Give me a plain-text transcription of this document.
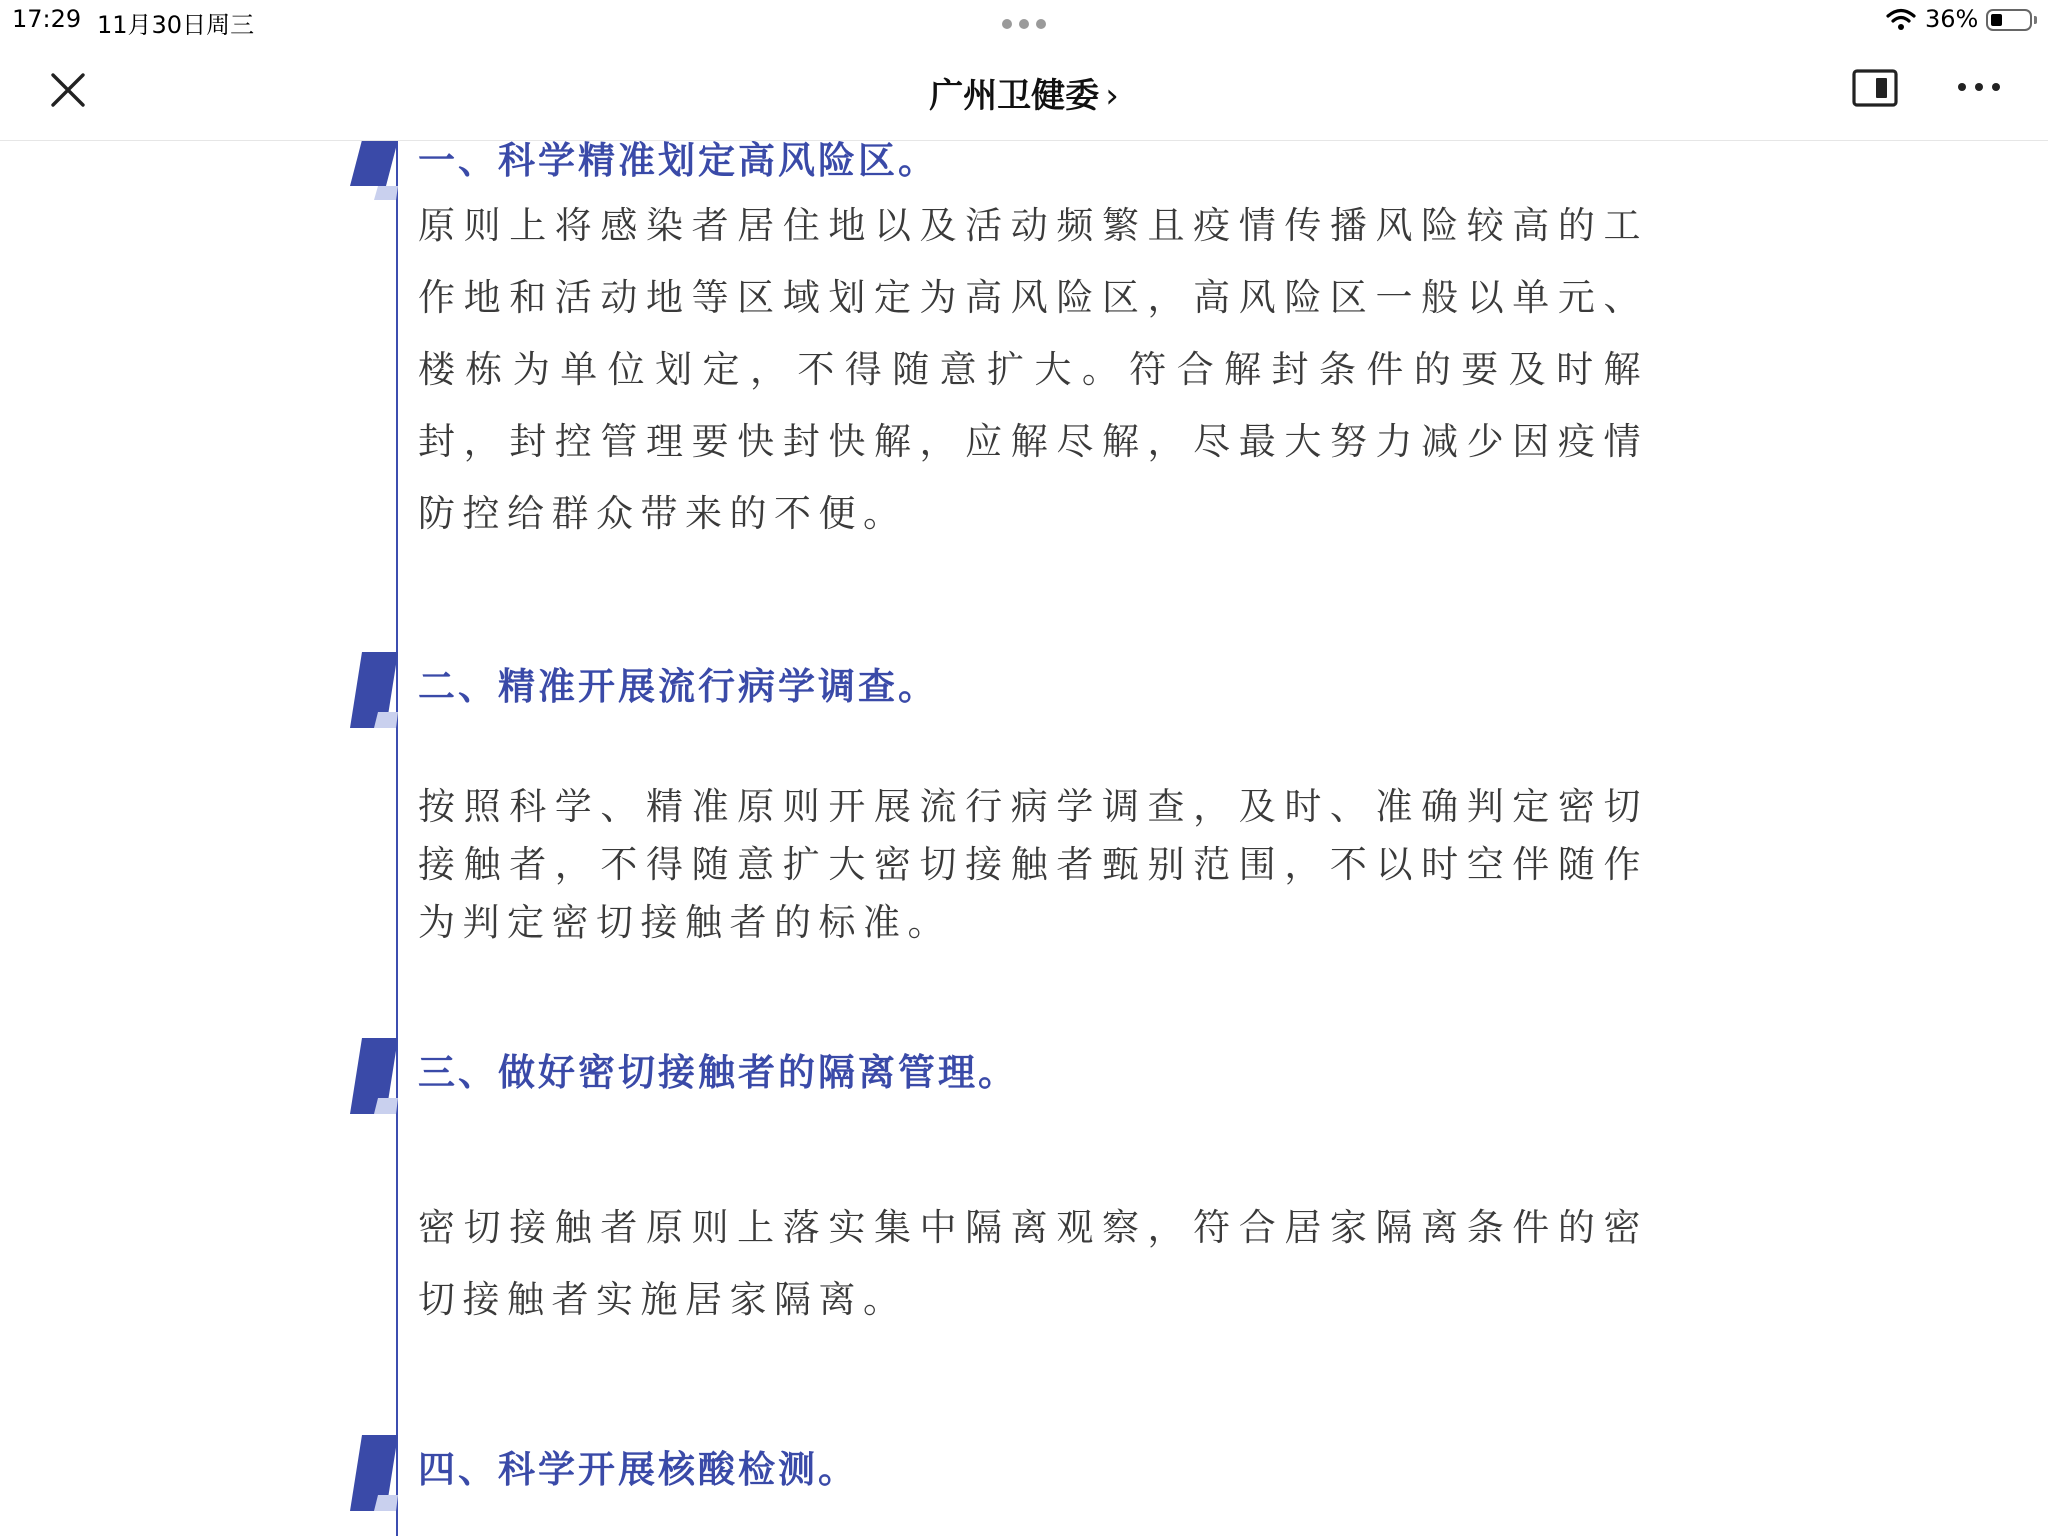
17:29 11月30日周三	36%
广州卫健委 ›
一、科学精准划定高风险区。

原则上将感染者居住地以及活动频繁且疫情传播风险较高的工作地和活动地等区域划定为高风险区，高风险区一般以单元、楼栋为单位划定，不得随意扩大。符合解封条件的要及时解封，封控管理要快封快解，应解尽解，尽最大努力减少因疫情防控给群众带来的不便。

二、精准开展流行病学调查。

按照科学、精准原则开展流行病学调查，及时、准确判定密切接触者，不得随意扩大密切接触者甄别范围，不以时空伴随作为判定密切接触者的标准。

三、做好密切接触者的隔离管理。

密切接触者原则上落实集中隔离观察，符合居家隔离条件的密切接触者实施居家隔离。

四、科学开展核酸检测。
